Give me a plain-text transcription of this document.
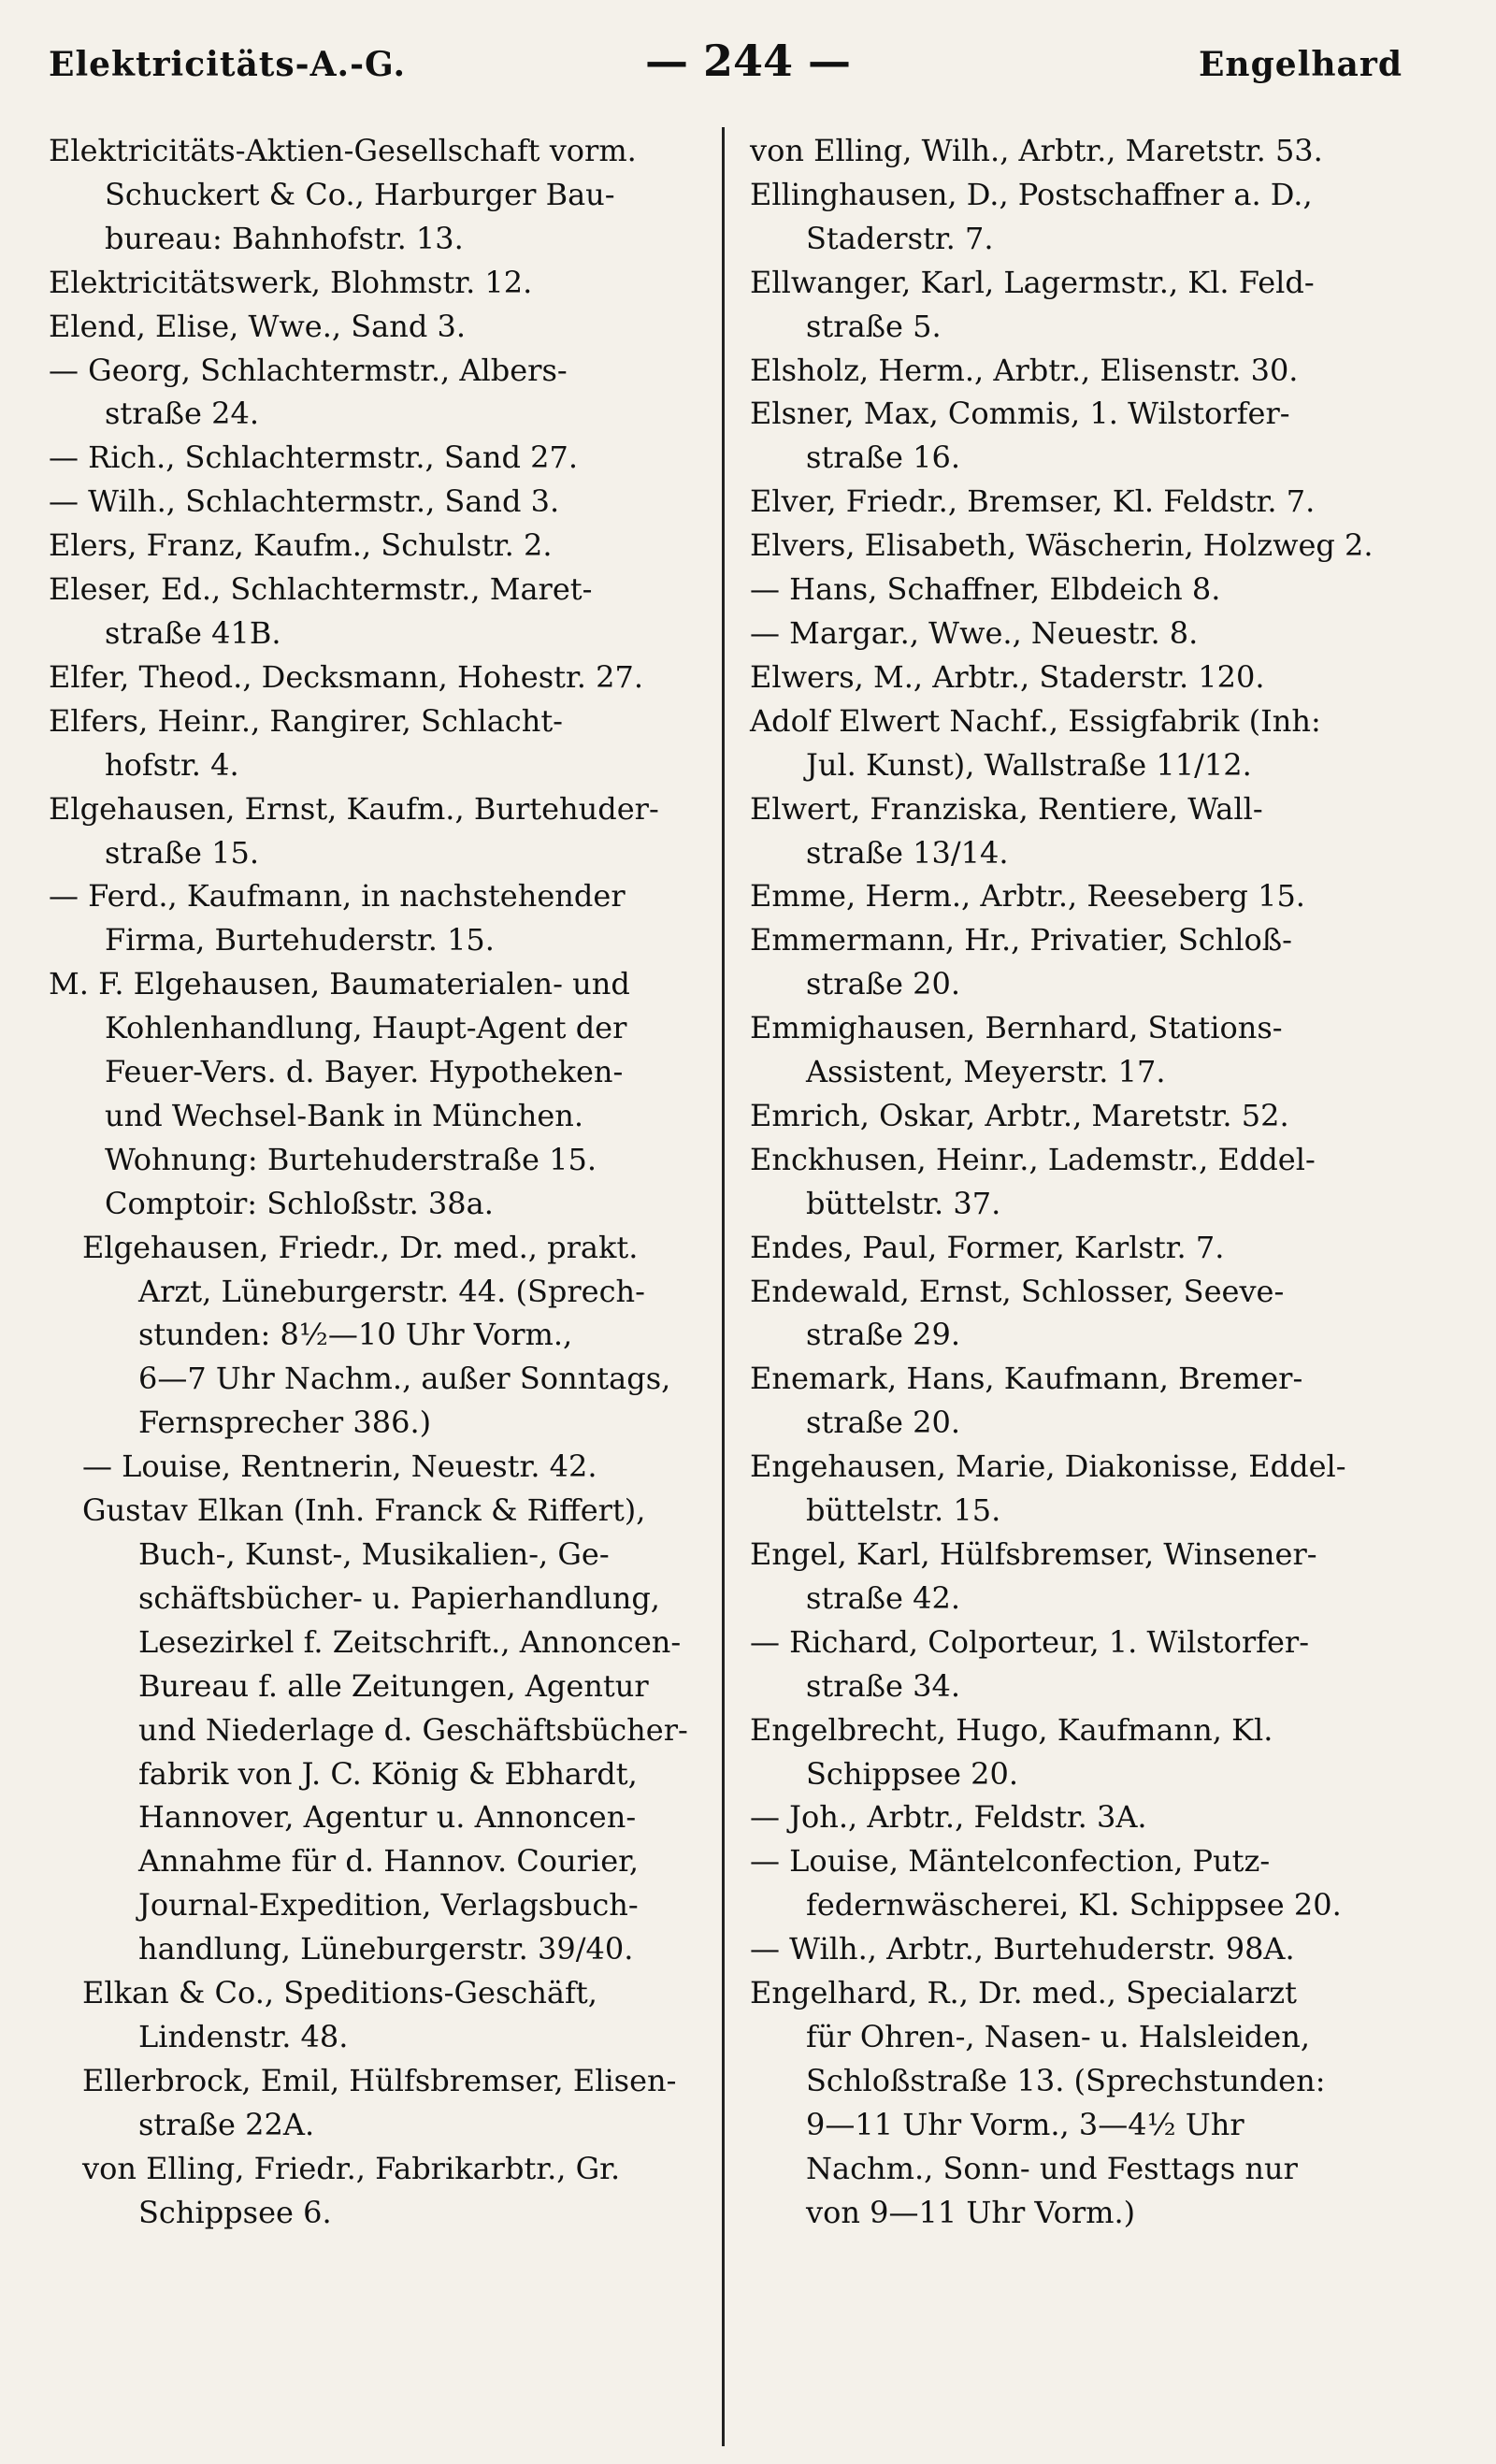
Elektricitäts-A.-G.	— 244 —	Engelhard
Elektricitäts-Aktien-Gesellschaft vorm.
Schuckert & Co., Harburger Bau-
bureau: Bahnhofstr. 13.
Elektricitätswerk, Blohmstr. 12.
Elend, Elise, Wwe., Sand 3.
— Georg, Schlachtermstr., Albers-
straße 24.
— Rich., Schlachtermstr., Sand 27.
— Wilh., Schlachtermstr., Sand 3.
Elers, Franz, Kaufm., Schulstr. 2.
Eleser, Ed., Schlachtermstr., Maret-
straße 41B.
Elfer, Theod., Decksmann, Hohestr. 27.
Elfers, Heinr., Rangirer, Schlacht-
hofstr. 4.
Elgehausen, Ernst, Kaufm., Burtehuder-
straße 15.
— Ferd., Kaufmann, in nachstehender
Firma, Burtehuderstr. 15.
M. F. Elgehausen, Baumaterialen- und
Kohlenhandlung, Haupt-Agent der
Feuer-Vers. d. Bayer. Hypotheken-
und Wechsel-Bank in München.
Wohnung: Burtehuderstraße 15.
Comptoir: Schloßstr. 38a.
Elgehausen, Friedr., Dr. med., prakt.
Arzt, Lüneburgerstr. 44. (Sprech-
stunden: 8½—10 Uhr Vorm.,
6—7 Uhr Nachm., außer Sonntags,
Fernsprecher 386.)
— Louise, Rentnerin, Neuestr. 42.
Gustav Elkan (Inh. Franck & Riffert),
Buch-, Kunst-, Musikalien-, Ge-
schäftsbücher- u. Papierhandlung,
Lesezirkel f. Zeitschrift., Annoncen-
Bureau f. alle Zeitungen, Agentur
und Niederlage d. Geschäftsbücher-
fabrik von J. C. König & Ebhardt,
Hannover, Agentur u. Annoncen-
Annahme für d. Hannov. Courier,
Journal-Expedition, Verlagsbuch-
handlung, Lüneburgerstr. 39/40.
Elkan & Co., Speditions-Geschäft,
Lindenstr. 48.
Ellerbrock, Emil, Hülfsbremser, Elisen-
straße 22A.
von Elling, Friedr., Fabrikarbtr., Gr.
Schippsee 6.
von Elling, Wilh., Arbtr., Maretstr. 53.
Ellinghausen, D., Postschaffner a. D.,
Staderstr. 7.
Ellwanger, Karl, Lagermstr., Kl. Feld-
straße 5.
Elsholz, Herm., Arbtr., Elisenstr. 30.
Elsner, Max, Commis, 1. Wilstorfer-
straße 16.
Elver, Friedr., Bremser, Kl. Feldstr. 7.
Elvers, Elisabeth, Wäscherin, Holzweg 2.
— Hans, Schaffner, Elbdeich 8.
— Margar., Wwe., Neuestr. 8.
Elwers, M., Arbtr., Staderstr. 120.
Adolf Elwert Nachf., Essigfabrik (Inh:
Jul. Kunst), Wallstraße 11/12.
Elwert, Franziska, Rentiere, Wall-
straße 13/14.
Emme, Herm., Arbtr., Reeseberg 15.
Emmermann, Hr., Privatier, Schloß-
straße 20.
Emmighausen, Bernhard, Stations-
Assistent, Meyerstr. 17.
Emrich, Oskar, Arbtr., Maretstr. 52.
Enckhusen, Heinr., Lademstr., Eddel-
büttelstr. 37.
Endes, Paul, Former, Karlstr. 7.
Endewald, Ernst, Schlosser, Seeve-
straße 29.
Enemark, Hans, Kaufmann, Bremer-
straße 20.
Engehausen, Marie, Diakonisse, Eddel-
büttelstr. 15.
Engel, Karl, Hülfsbremser, Winsener-
straße 42.
— Richard, Colporteur, 1. Wilstorfer-
straße 34.
Engelbrecht, Hugo, Kaufmann, Kl.
Schippsee 20.
— Joh., Arbtr., Feldstr. 3A.
— Louise, Mäntelconfection, Putz-
federnwäscherei, Kl. Schippsee 20.
— Wilh., Arbtr., Burtehuderstr. 98A.
Engelhard, R., Dr. med., Specialarzt
für Ohren-, Nasen- u. Halsleiden,
Schloßstraße 13. (Sprechstunden:
9—11 Uhr Vorm., 3—4½ Uhr
Nachm., Sonn- und Festtags nur
von 9—11 Uhr Vorm.)
